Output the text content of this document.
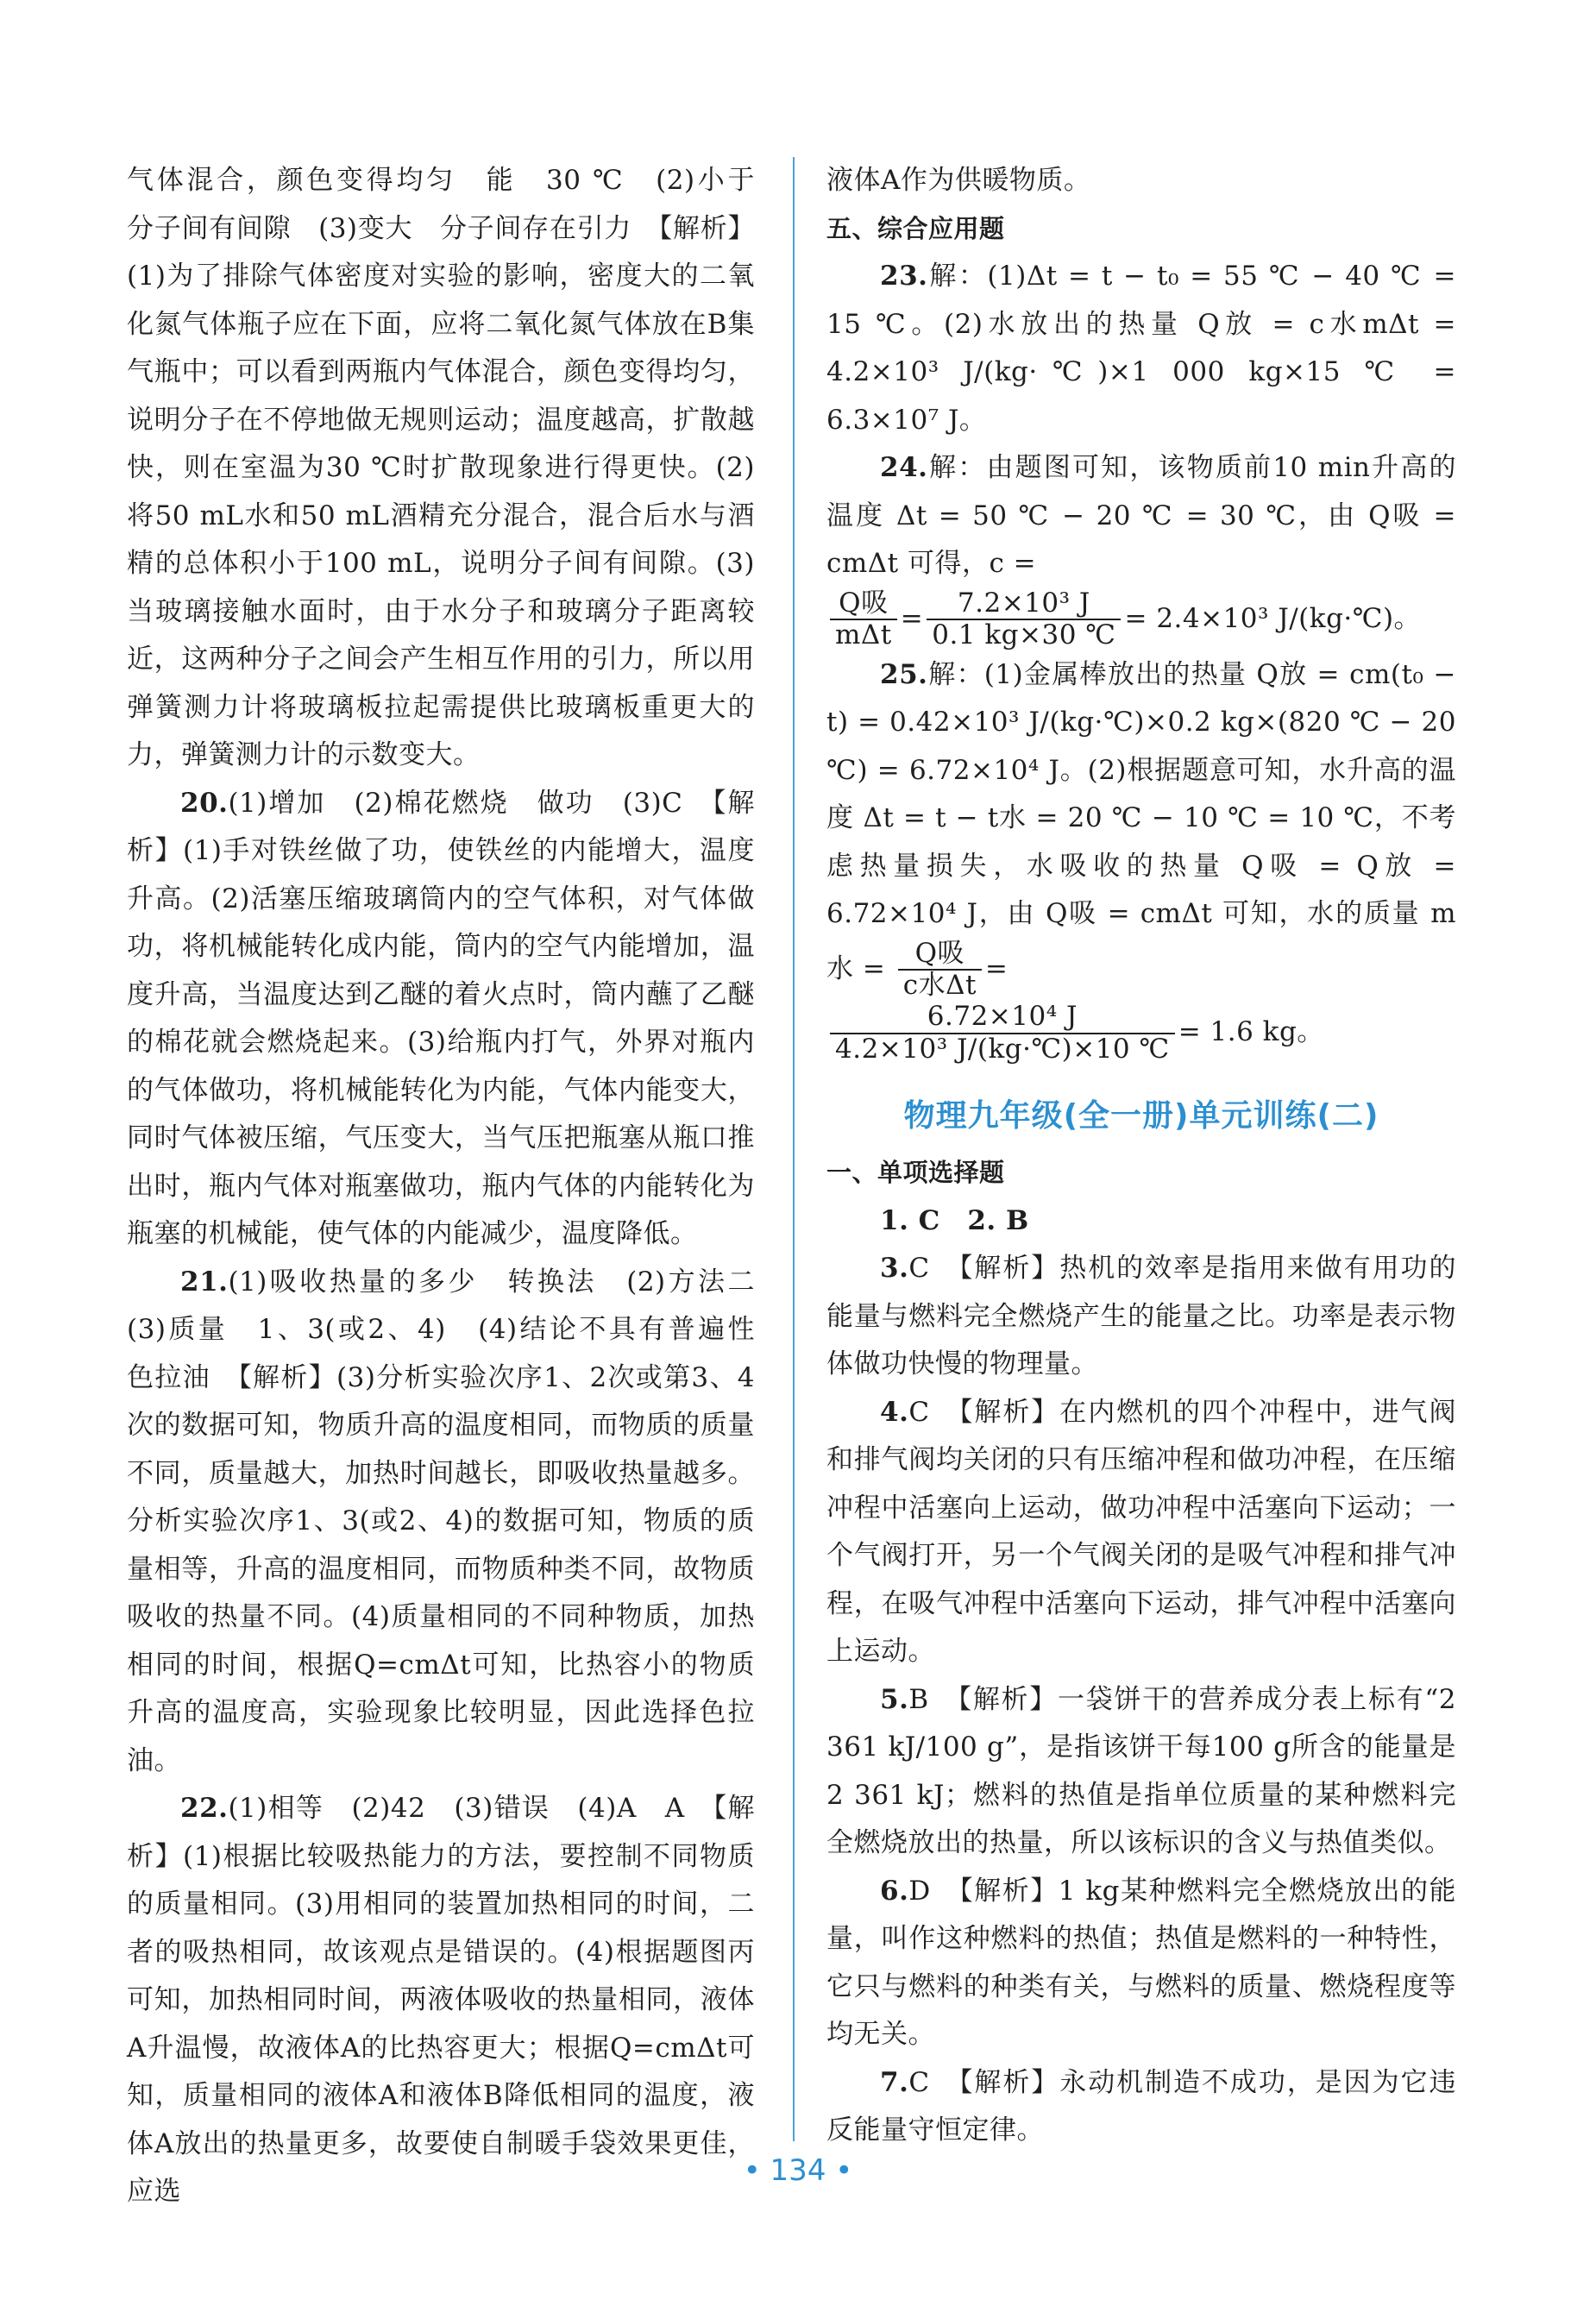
气体混合，颜色变得均匀　能　30 ℃　(2)小于　分子间有间隙　(3)变大　分子间存在引力　【解析】(1)为了排除气体密度对实验的影响，密度大的二氧化氮气体瓶子应在下面，应将二氧化氮气体放在B集气瓶中；可以看到两瓶内气体混合，颜色变得均匀，说明分子在不停地做无规则运动；温度越高，扩散越快，则在室温为30 ℃时扩散现象进行得更快。(2)将50 mL水和50 mL酒精充分混合，混合后水与酒精的总体积小于100 mL，说明分子间有间隙。(3)当玻璃接触水面时，由于水分子和玻璃分子距离较近，这两种分子之间会产生相互作用的引力，所以用弹簧测力计将玻璃板拉起需提供比玻璃板重更大的力，弹簧测力计的示数变大。

20.(1)增加　(2)棉花燃烧　做功　(3)C　【解析】(1)手对铁丝做了功，使铁丝的内能增大，温度升高。(2)活塞压缩玻璃筒内的空气体积，对气体做功，将机械能转化成内能，筒内的空气内能增加，温度升高，当温度达到乙醚的着火点时，筒内蘸了乙醚的棉花就会燃烧起来。(3)给瓶内打气，外界对瓶内的气体做功，将机械能转化为内能，气体内能变大，同时气体被压缩，气压变大，当气压把瓶塞从瓶口推出时，瓶内气体对瓶塞做功，瓶内气体的内能转化为瓶塞的机械能，使气体的内能减少，温度降低。

21.(1)吸收热量的多少　转换法　(2)方法二　(3)质量　1、3(或2、4)　(4)结论不具有普遍性　色拉油　【解析】(3)分析实验次序1、2次或第3、4次的数据可知，物质升高的温度相同，而物质的质量不同，质量越大，加热时间越长，即吸收热量越多。分析实验次序1、3(或2、4)的数据可知，物质的质量相等，升高的温度相同，而物质种类不同，故物质吸收的热量不同。(4)质量相同的不同种物质，加热相同的时间，根据Q=cmΔt可知，比热容小的物质升高的温度高，实验现象比较明显，因此选择色拉油。

22.(1)相等　(2)42　(3)错误　(4)A　A　【解析】(1)根据比较吸热能力的方法，要控制不同物质的质量相同。(3)用相同的装置加热相同的时间，二者的吸热相同，故该观点是错误的。(4)根据题图丙可知，加热相同时间，两液体吸收的热量相同，液体A升温慢，故液体A的比热容更大；根据Q=cmΔt可知，质量相同的液体A和液体B降低相同的温度，液体A放出的热量更多，故要使自制暖手袋效果更佳，应选

液体A作为供暖物质。

五、综合应用题

23.解：(1)Δt = t − t₀ = 55 ℃ − 40 ℃ = 15 ℃。(2)水放出的热量 Q放 = c水mΔt = 4.2×10³ J/(kg·℃)×1 000 kg×15 ℃ = 6.3×10⁷ J。

24.解：由题图可知，该物质前10 min升高的温度 Δt = 50 ℃ − 20 ℃ = 30 ℃，由 Q吸 = cmΔt 可得，c =

$\frac{\text{Q吸}}{\text{mΔt}} = \frac{\text{7.2×10³ J}}{0.1 kg\times 30 ℃} = 2.4\times 10^3$ J/(kg·℃)。

25.解：(1)金属棒放出的热量 Q放 = cm(t₀ − t) = 0.42×10³ J/(kg·℃)×0.2 kg×(820 ℃ − 20 ℃) = 6.72×10⁴ J。(2)根据题意可知，水升高的温度 Δt = t − t水 = 20 ℃ − 10 ℃ = 10 ℃，不考虑热量损失，水吸收的热量 Q吸 = Q放 = 6.72×10⁴ J，由 Q吸 = cmΔt 可知，水的质量 m水 = $\frac{\text{Q吸}}{\text{c水Δt}}$ =

$\frac{\text{6.72×10⁴ J}}{\text{4.2×10³ J/(kg·℃)×10 ℃}} = 1.6$ kg。

物理九年级(全一册)单元训练(二)

一、单项选择题

1. C　2. B

3.C　【解析】热机的效率是指用来做有用功的能量与燃料完全燃烧产生的能量之比。功率是表示物体做功快慢的物理量。

4.C　【解析】在内燃机的四个冲程中，进气阀和排气阀均关闭的只有压缩冲程和做功冲程，在压缩冲程中活塞向上运动，做功冲程中活塞向下运动；一个气阀打开，另一个气阀关闭的是吸气冲程和排气冲程，在吸气冲程中活塞向下运动，排气冲程中活塞向上运动。

5.B　【解析】一袋饼干的营养成分表上标有“2 361 kJ/100 g”，是指该饼干每100 g所含的能量是2 361 kJ；燃料的热值是指单位质量的某种燃料完全燃烧放出的热量，所以该标识的含义与热值类似。

6.D　【解析】1 kg某种燃料完全燃烧放出的能量，叫作这种燃料的热值；热值是燃料的一种特性，它只与燃料的种类有关，与燃料的质量、燃烧程度等均无关。

7.C　【解析】永动机制造不成功，是因为它违反能量守恒定律。

• 134 •
